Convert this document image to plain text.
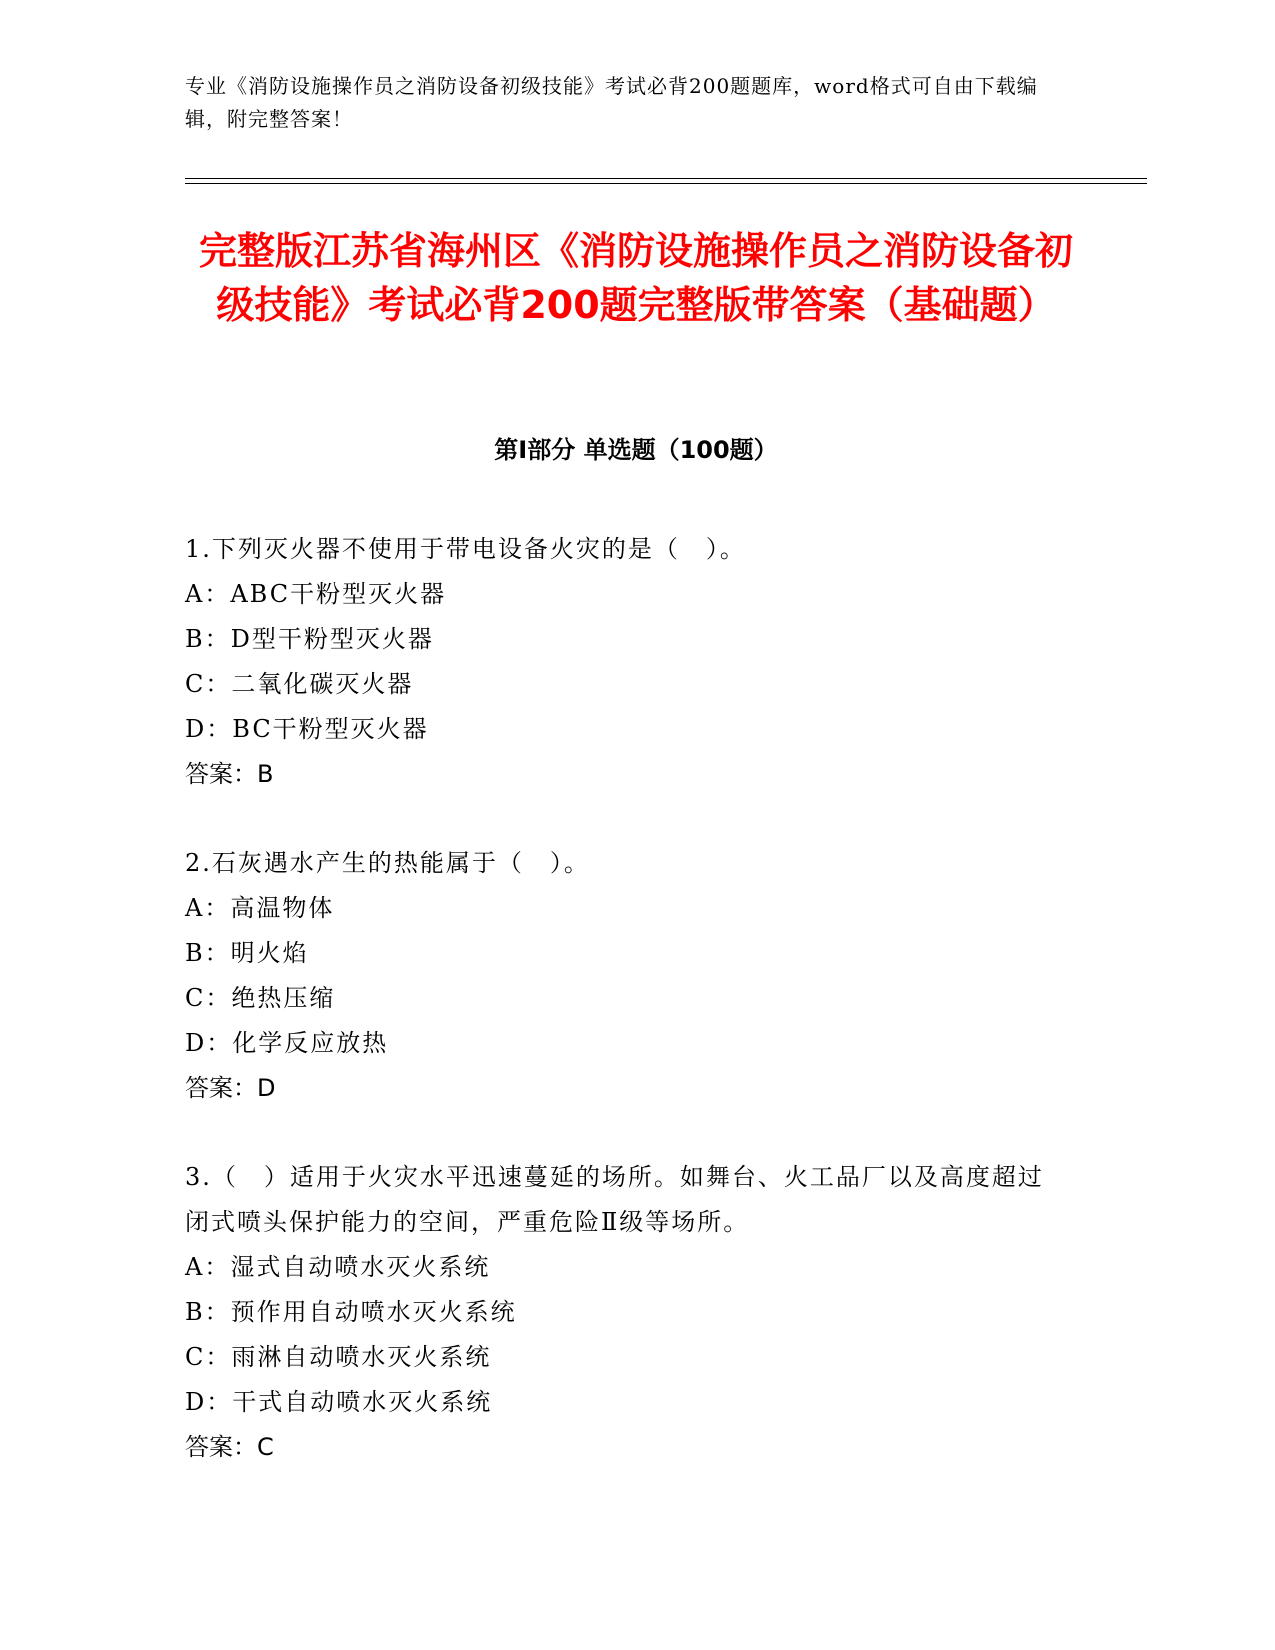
专业《消防设施操作员之消防设备初级技能》考试必背200题题库，word格式可自由下载编辑，附完整答案！
完整版江苏省海州区《消防设施操作员之消防设备初级技能》考试必背200题完整版带答案（基础题）
第Ⅰ部分 单选题（100题）

1.下列灭火器不使用于带电设备火灾的是（　）。

A：ABC干粉型灭火器

B：D型干粉型灭火器

C：二氧化碳灭火器

D：BC干粉型灭火器

答案：B

2.石灰遇水产生的热能属于（　）。

A：高温物体

B：明火焰

C：绝热压缩

D：化学反应放热

答案：D

3.（　）适用于火灾水平迅速蔓延的场所。如舞台、火工品厂以及高度超过闭式喷头保护能力的空间，严重危险Ⅱ级等场所。

A：湿式自动喷水灭火系统

B：预作用自动喷水灭火系统

C：雨淋自动喷水灭火系统

D：干式自动喷水灭火系统

答案：C
